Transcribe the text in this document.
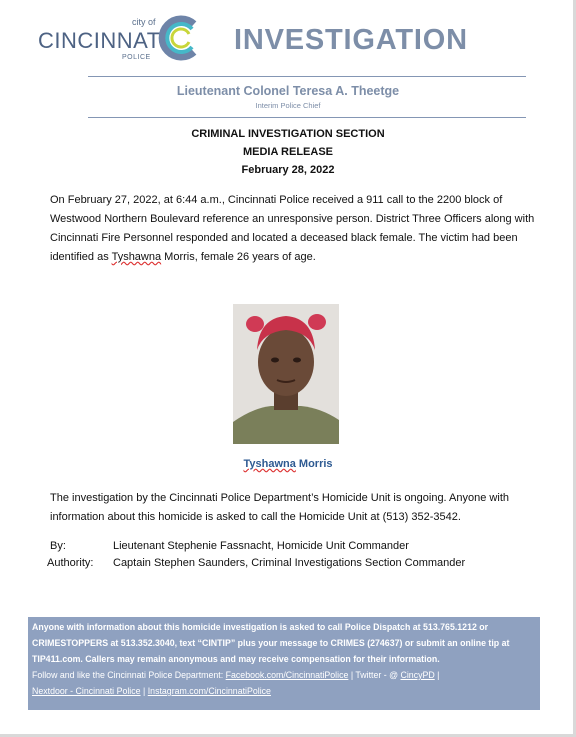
city of
CINCINNATI
POLICE
INVESTIGATION
Lieutenant Colonel Teresa A. Theetge
Interim Police Chief
CRIMINAL INVESTIGATION SECTION
MEDIA RELEASE
February 28, 2022
On February 27, 2022, at 6:44 a.m., Cincinnati Police received a 911 call to the 2200 block of Westwood Northern Boulevard reference an unresponsive person. District Three Officers along with Cincinnati Fire Personnel responded and located a deceased black female. The victim had been identified as Tyshawna Morris, female 26 years of age.
Tyshawna Morris
The investigation by the Cincinnati Police Department’s Homicide Unit is ongoing. Anyone with information about this homicide is asked to call the Homicide Unit at (513) 352-3542.
By:	Lieutenant Stephenie Fassnacht, Homicide Unit Commander
Authority: Captain Stephen Saunders, Criminal Investigations Section Commander
Anyone with information about this homicide investigation is asked to call Police Dispatch at 513.765.1212 or CRIMESTOPPERS at 513.352.3040, text “CINTIP” plus your message to CRIMES (274637) or submit an online tip at TIP411.com. Callers may remain anonymous and may receive compensation for their information.
Follow and like the Cincinnati Police Department: Facebook.com/CincinnatiPolice | Twitter - @ CincyPD |
Nextdoor - Cincinnati Police | Instagram.com/CincinnatiPolice
